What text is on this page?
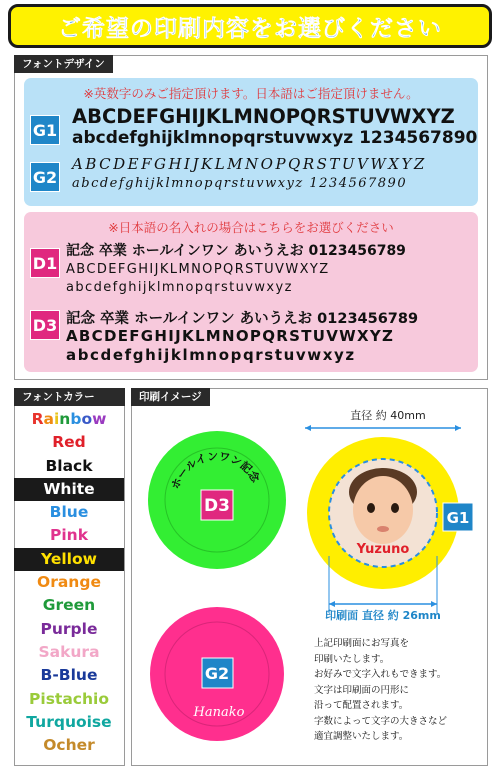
ご希望の印刷内容をお選びください
フォントデザイン
※英数字のみご指定頂けます。日本語はご指定頂けません。
G1
ABCDEFGHIJKLMNOPQRSTUVWXYZ
abcdefghijklmnopqrstuvwxyz 1234567890
G2
ABCDEFGHIJKLMNOPQRSTUVWXYZ
abcdefghijklmnopqrstuvwxyz 1234567890
※日本語の名入れの場合はこちらをお選びください
D1
記念 卒業 ホールインワン あいうえお 0123456789
ABCDEFGHIJKLMNOPQRSTUVWXYZ
abcdefghijklmnopqrstuvwxyz
D3 記念 卒業 ホールインワン あいうえお 0123456789
ABCDEFGHIJKLMNOPQRSTUVWXYZ
abcdefghijklmnopqrstuvwxyz
フォントカラー
Rainbow
Red
Black
White
Blue
Pink
Yellow
Orange
Green
Purple
Sakura
B-Blue
Pistachio
Turquoise
Ocher
印刷イメージ
D3
ホールインワン記念
G2
Hanako
直径 約 40mm
Yuzuno
G1
印刷面 直径 約 26mm
上記印刷面にお写真を
印刷いたします。
お好みで文字入れもできます。
文字は印刷面の円形に
沿って配置されます。
字数によって文字の大きさなど
適宜調整いたします。
